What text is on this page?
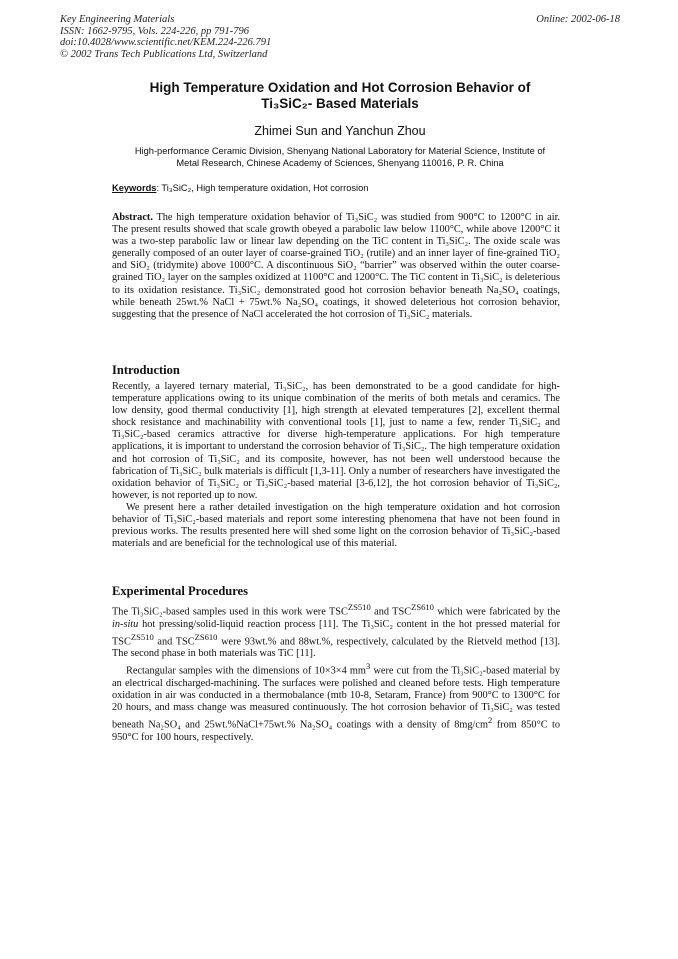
Key Engineering Materials
ISSN: 1662-9795, Vols. 224-226, pp 791-796
doi:10.4028/www.scientific.net/KEM.224-226.791
© 2002 Trans Tech Publications Ltd, Switzerland
Online: 2002-06-18
High Temperature Oxidation and Hot Corrosion Behavior of
Ti₃SiC₂- Based Materials
Zhimei Sun and Yanchun Zhou
High-performance Ceramic Division, Shenyang National Laboratory for Material Science, Institute of
Metal Research, Chinese Academy of Sciences, Shenyang 110016, P. R. China
Keywords: Ti₃SiC₂, High temperature oxidation, Hot corrosion

Abstract. The high temperature oxidation behavior of Ti₃SiC₂ was studied from 900°C to 1200°C in air. The present results showed that scale growth obeyed a parabolic law below 1100°C, while above 1200°C it was a two-step parabolic law or linear law depending on the TiC content in Ti₃SiC₂. The oxide scale was generally composed of an outer layer of coarse-grained TiO₂ (rutile) and an inner layer of fine-grained TiO₂ and SiO₂ (tridymite) above 1000°C. A discontinuous SiO₂ “barrier” was observed within the outer coarse-grained TiO₂ layer on the samples oxidized at 1100°C and 1200°C. The TiC content in Ti₃SiC₂ is deleterious to its oxidation resistance. Ti₃SiC₂ demonstrated good hot corrosion behavior beneath Na₂SO₄ coatings, while beneath 25wt.% NaCl + 75wt.% Na₂SO₄ coatings, it showed deleterious hot corrosion behavior, suggesting that the presence of NaCl accelerated the hot corrosion of Ti₃SiC₂ materials.

Introduction

Recently, a layered ternary material, Ti₃SiC₂, has been demonstrated to be a good candidate for high-temperature applications owing to its unique combination of the merits of both metals and ceramics. The low density, good thermal conductivity [1], high strength at elevated temperatures [2], excellent thermal shock resistance and machinability with conventional tools [1], just to name a few, render Ti₃SiC₂ and Ti₃SiC₂-based ceramics attractive for diverse high-temperature applications. For high temperature applications, it is important to understand the corrosion behavior of Ti₃SiC₂. The high temperature oxidation and hot corrosion of Ti₃SiC₂ and its composite, however, has not been well understood because the fabrication of Ti₃SiC₂ bulk materials is difficult [1,3-11]. Only a number of researchers have investigated the oxidation behavior of Ti₃SiC₂ or Ti₃SiC₂-based material [3-6,12], the hot corrosion behavior of Ti₃SiC₂, however, is not reported up to now.

We present here a rather detailed investigation on the high temperature oxidation and hot corrosion behavior of Ti₃SiC₂-based materials and report some interesting phenomena that have not been found in previous works. The results presented here will shed some light on the corrosion behavior of Ti₃SiC₂-based materials and are beneficial for the technological use of this material.

Experimental Procedures

The Ti₃SiC₂-based samples used in this work were $TSC^{ZS510}$ and $TSC^{ZS610}$ which were fabricated by the in-situ hot pressing/solid-liquid reaction process [11]. The Ti₃SiC₂ content in the hot pressed material for $TSC^{ZS510}$ and $TSC^{ZS610}$ were 93wt.% and 88wt.%, respectively, calculated by the Rietveld method [13]. The second phase in both materials was TiC [11].

Rectangular samples with the dimensions of 10×3×4 $mm^3$ were cut from the Ti₃SiC₂-based material by an electrical discharged-machining. The surfaces were polished and cleaned before tests. High temperature oxidation in air was conducted in a thermobalance (mtb 10-8, Setaram, France) from 900°C to 1300°C for 20 hours, and mass change was measured continuously. The hot corrosion behavior of Ti₃SiC₂ was tested beneath Na₂SO₄ and 25wt.%NaCl+75wt.% Na₂SO₄ coatings with a density of $8mg/cm^2$ from 850°C to 950°C for 100 hours, respectively.
